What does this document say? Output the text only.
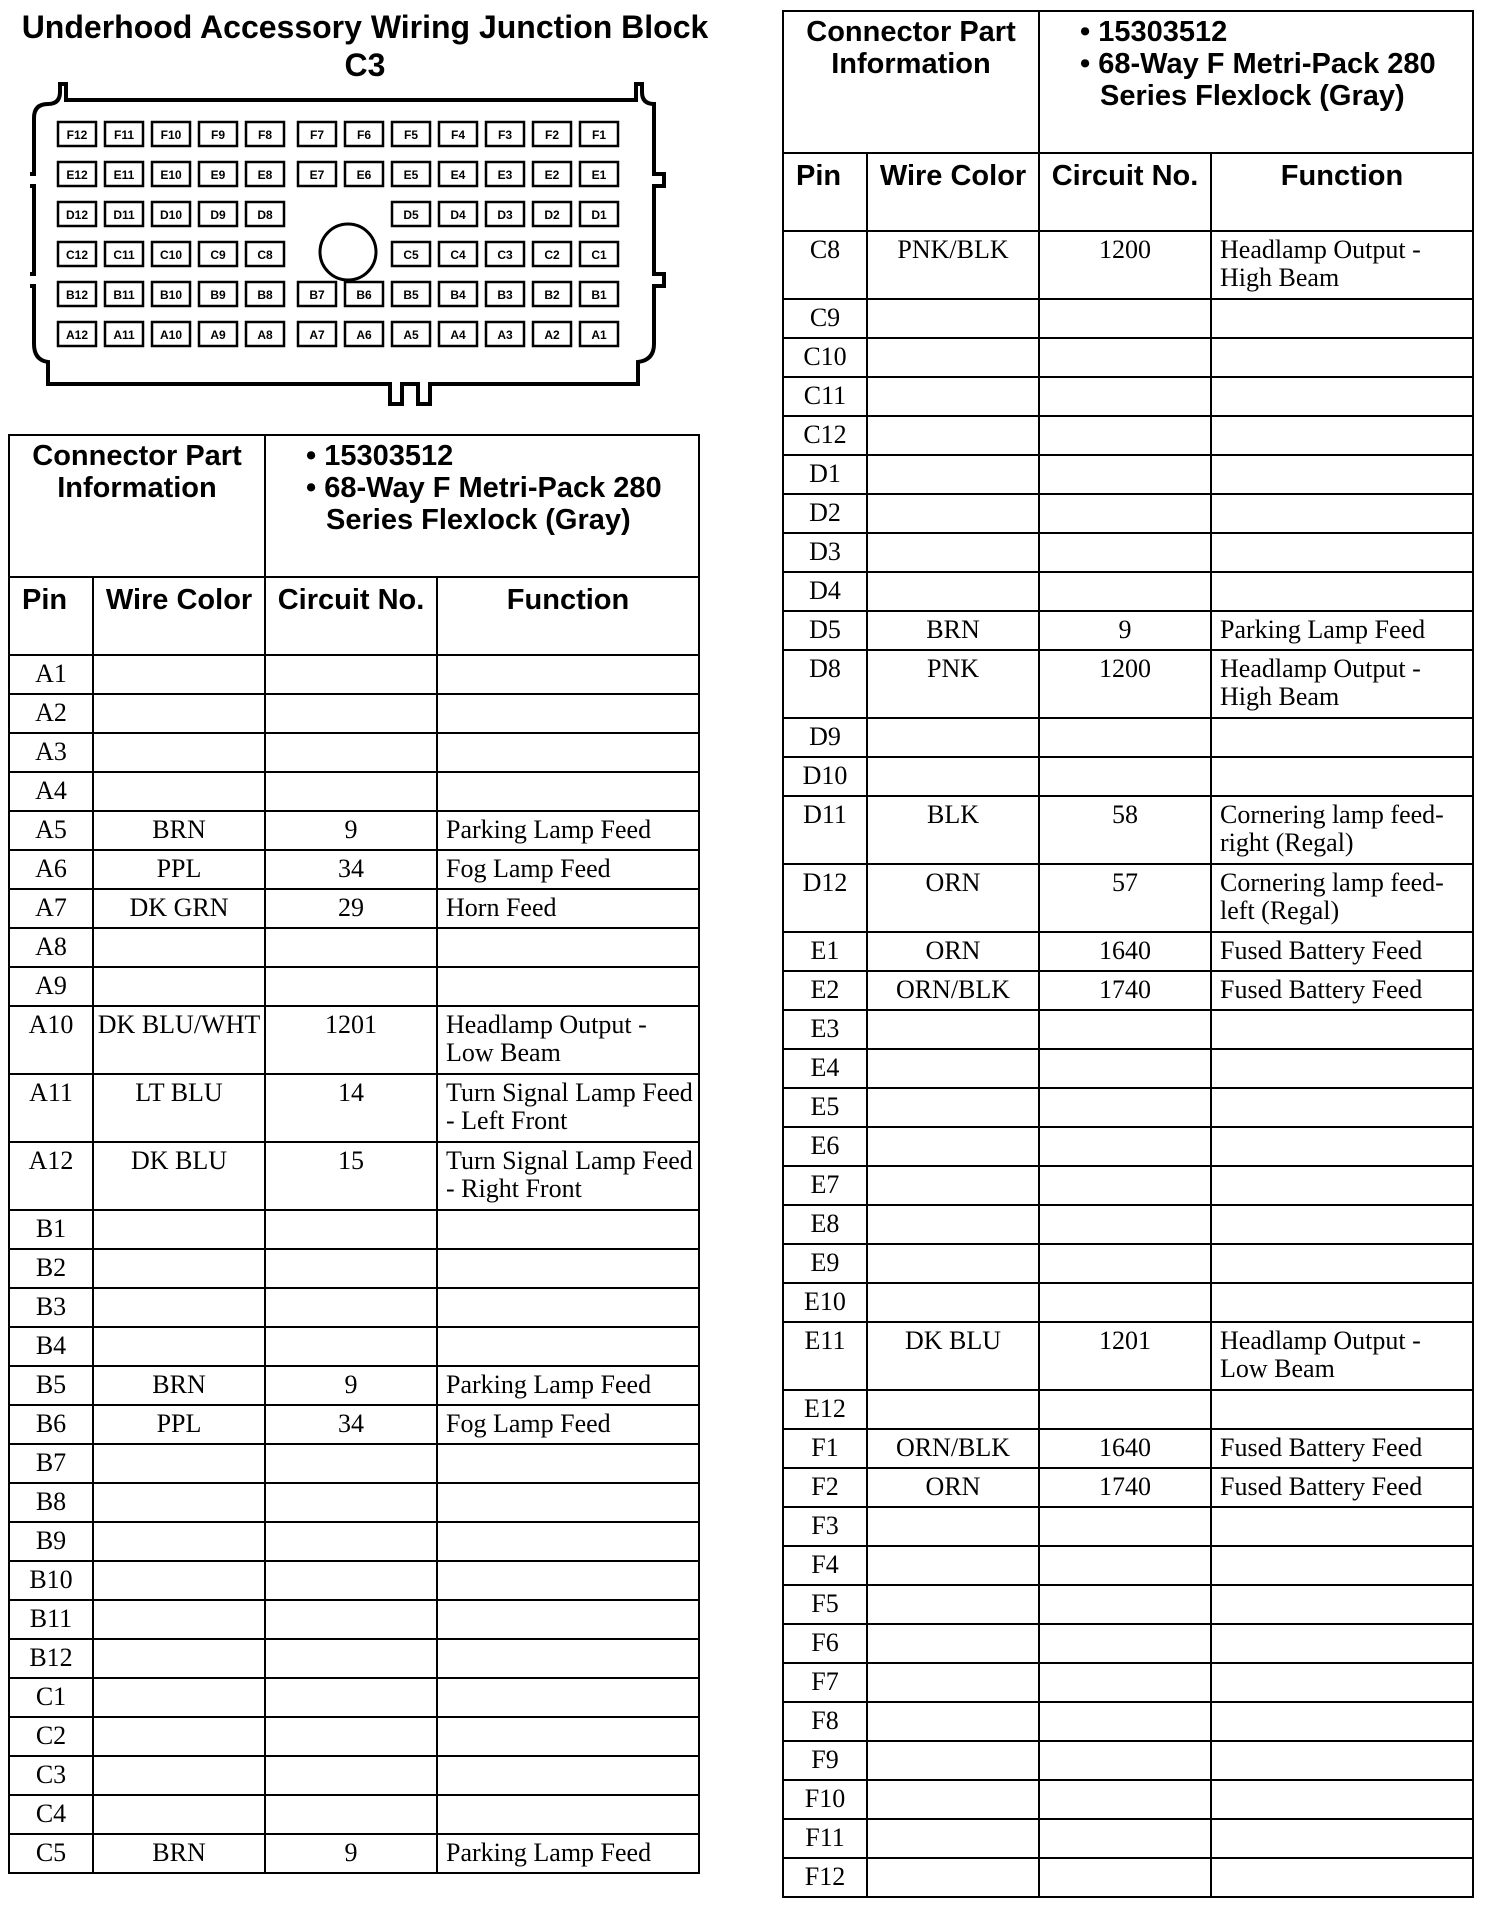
Underhood Accessory Wiring Junction Block C3
F12 F11 F10 F9	F8	F7	F6	F5	F4	F3	F2	F1
E12 E11 E10 E9	E8	E7	E6	E5	E4	E3	E2	E1
D12 D11 D10 D9	D8	D5	D4	D3	D2	D1
C12 C11 C10 C9	C8	C5	C4	C3	C2	C1
B12 B11 B10 B9	B8	B7	B6	B5	B4	B3	B2	B1
A12 A11 A10 A9	A8	A7	A6	A5	A4	A3	A2	A1
Connector Part Information		• 15303512
• 68-Way F Metri-Pack 280 Series Flexlock (Gray)	

Pin	Wire Color	Circuit No.	Function
A1			
A2			
A3			
A4			
A5	BRN	9	Parking Lamp Feed
A6	PPL	34	Fog Lamp Feed
A7	DK GRN	29	Horn Feed
A8			
A9			
A10	DK BLU/WHT	1201	Headlamp Output - Low Beam
A11	LT BLU	14	Turn Signal Lamp Feed - Left Front
A12	DK BLU	15	Turn Signal Lamp Feed - Right Front
B1			
B2			
B3			
B4			
B5	BRN	9	Parking Lamp Feed
B6	PPL	34	Fog Lamp Feed
B7			
B8			
B9			
B10			
B11			
B12			
C1			
C2			
C3			
C4			
C5	BRN	9	Parking Lamp Feed
Connector Part Information		• 15303512
• 68-Way F Metri-Pack 280 Series Flexlock (Gray)	

Pin	Wire Color	Circuit No.	Function
C8	PNK/BLK	1200	Headlamp Output - High Beam
C9			
C10			
C11			
C12			
D1			
D2			
D3			
D4			
D5	BRN	9	Parking Lamp Feed
D8	PNK	1200	Headlamp Output - High Beam
D9			
D10			
D11	BLK	58	Cornering lamp feed-right (Regal)
D12	ORN	57	Cornering lamp feed-left (Regal)
E1	ORN	1640	Fused Battery Feed
E2	ORN/BLK	1740	Fused Battery Feed
E3			
E4			
E5			
E6			
E7			
E8			
E9			
E10			
E11	DK BLU	1201	Headlamp Output - Low Beam
E12			
F1	ORN/BLK	1640	Fused Battery Feed
F2	ORN	1740	Fused Battery Feed
F3			
F4			
F5			
F6			
F7			
F8			
F9			
F10			
F11			
F12			
